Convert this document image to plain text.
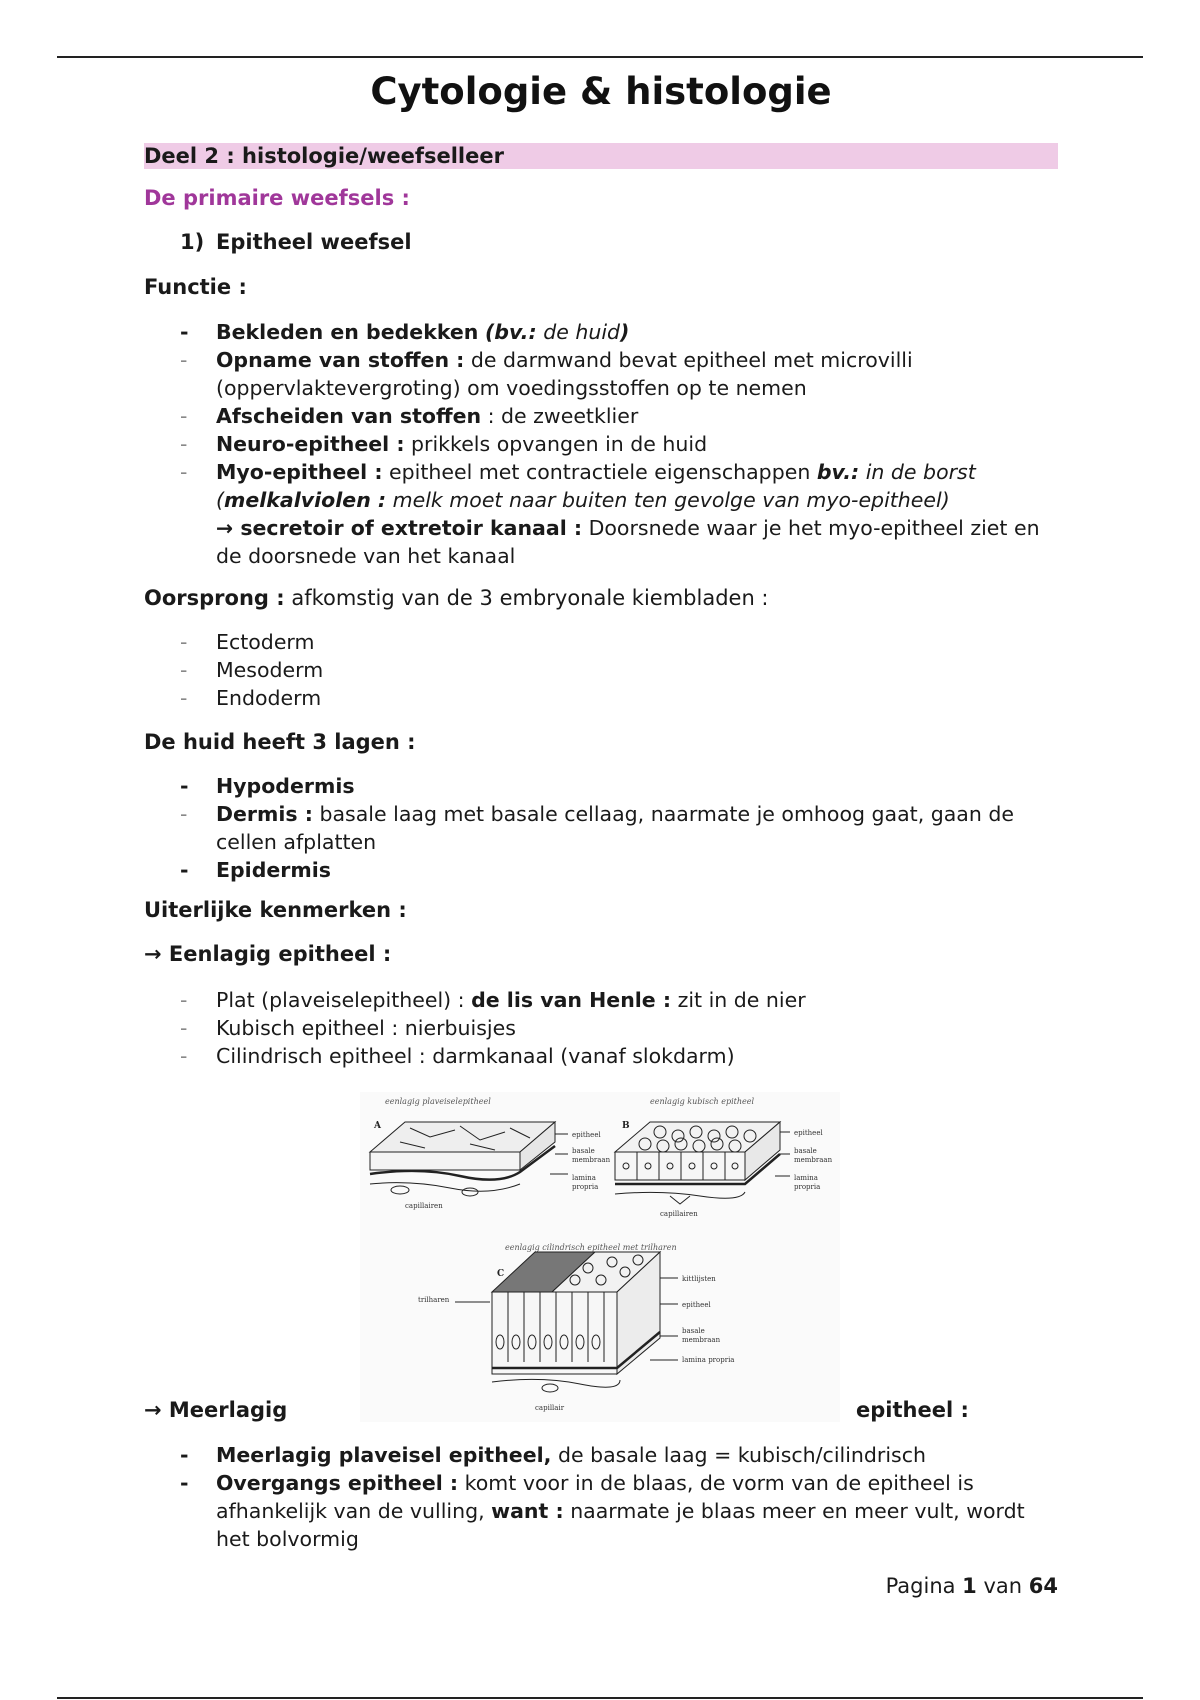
Cytologie & histologie
Deel 2 : histologie/weefselleer
De primaire weefsels :
1) Epitheel weefsel
Functie :
-	Bekleden en bedekken (bv.: de huid)
-	Opname van stoffen : de darmwand bevat epitheel met microvilli (oppervlaktevergroting) om voedingsstoffen op te nemen
-	Afscheiden van stoffen : de zweetklier
-	Neuro-epitheel : prikkels opvangen in de huid
-	Myo-epitheel : epitheel met contractiele eigenschappen bv.: in de borst (melkalviolen : melk moet naar buiten ten gevolge van myo-epitheel)
→ secretoir of extretoir kanaal : Doorsnede waar je het myo-epitheel ziet en de doorsnede van het kanaal
Oorsprong : afkomstig van de 3 embryonale kiembladen :
-	Ectoderm
-	Mesoderm
-	Endoderm
De huid heeft 3 lagen :
-	Hypodermis
-	Dermis : basale laag met basale cellaag, naarmate je omhoog gaat, gaan de cellen afplatten
-	Epidermis
Uiterlijke kenmerken :
→ Eenlagig epitheel :
-	Plat (plaveiselepitheel) : de lis van Henle : zit in de nier
-	Kubisch epitheel : nierbuisjes
-	Cilindrisch epitheel : darmkanaal (vanaf slokdarm)
→ Meerlagig	epitheel :
-	Meerlagig plaveisel epitheel, de basale laag = kubisch/cilindrisch
-	Overgangs epitheel : komt voor in de blaas, de vorm van de epitheel is afhankelijk van de vulling, want : naarmate je blaas meer en meer vult, wordt het bolvormig
Pagina 1 van 64
eenlagig plaveiselepitheel
A
epitheel
basale
membraan
lamina
propria
capillairen
eenlagig kubisch epitheel
B
epitheel
basale
membraan
lamina
propria
capillairen
eenlagig cilindrisch epitheel met trilharen
C
trilharen
kittlijsten
epitheel
basale
membraan
lamina propria
capillair
